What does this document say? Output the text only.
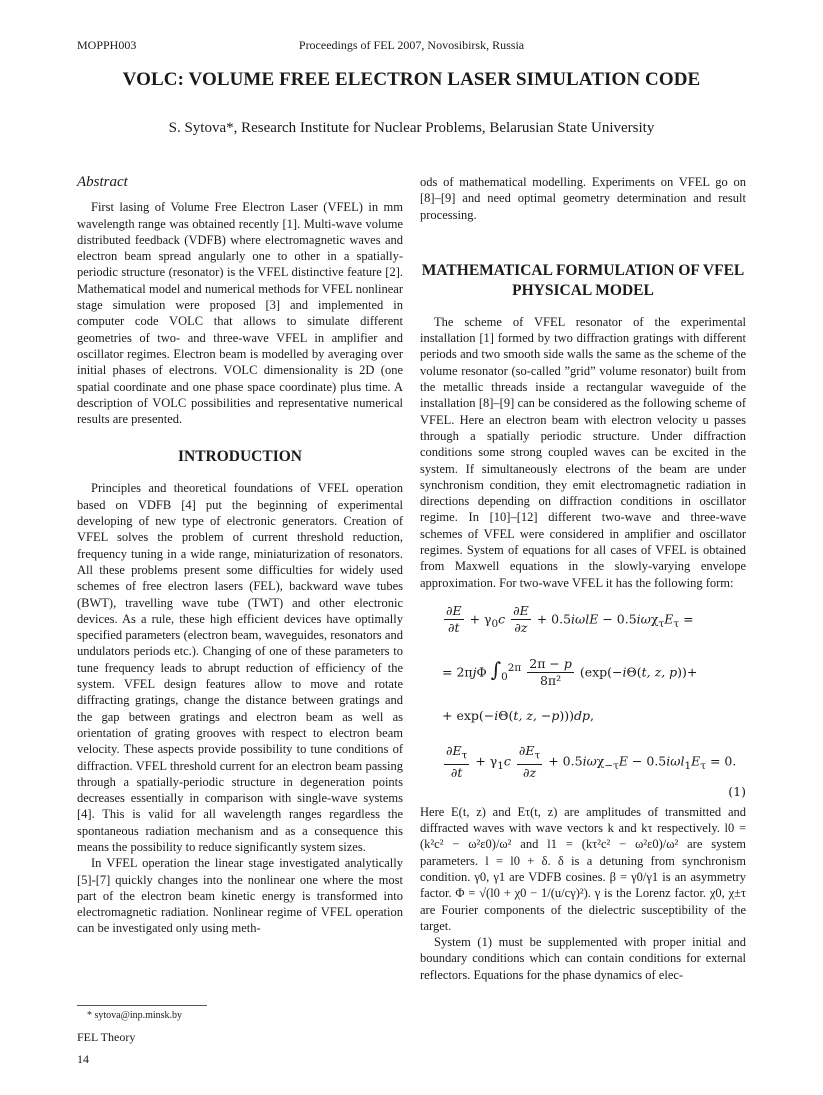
MOPPH003	Proceedings of FEL 2007, Novosibirsk, Russia
VOLC: VOLUME FREE ELECTRON LASER SIMULATION CODE
S. Sytova*, Research Institute for Nuclear Problems, Belarusian State University
Abstract

First lasing of Volume Free Electron Laser (VFEL) in mm wavelength range was obtained recently [1]. Multi-wave volume distributed feedback (VDFB) where electromagnetic waves and electron beam spread angularly one to other in a spatially-periodic structure (resonator) is the VFEL distinctive feature [2]. Mathematical model and numerical methods for VFEL nonlinear stage simulation were proposed [3] and implemented in computer code VOLC that allows to simulate different geometries of two- and three-wave VFEL in amplifier and oscillator regimes. Electron beam is modelled by averaging over initial phases of electrons. VOLC dimensionality is 2D (one spatial coordinate and one phase space coordinate) plus time. A description of VOLC possibilities and representative numerical results are presented.

INTRODUCTION

Principles and theoretical foundations of VFEL operation based on VDFB [4] put the beginning of experimental developing of new type of electronic generators. Creation of VFEL solves the problem of current threshold reduction, frequency tuning in a wide range, miniaturization of resonators. All these problems present some difficulties for widely used schemes of free electron lasers (FEL), backward wave tubes (BWT), travelling wave tube (TWT) and other electronic devices. As a rule, these high efficient devices have optimally specified parameters (electron beam, waveguides, resonators and undulators periods etc.). Changing of one of these parameters to tune frequency leads to abrupt reduction of efficiency of the system. VFEL design features allow to move and rotate diffracting gratings, change the distance between gratings and the gap between gratings and electron beam as well as orientation of grating grooves with respect to electron beam velocity. These aspects provide possibility to tune conditions of diffraction. VFEL threshold current for an electron beam passing through a spatially-periodic structure in degeneration points decreases essentially in comparison with single-wave systems [4]. This is valid for all wavelength ranges regardless the spontaneous radiation mechanism and as a consequence this means the possibility to reduce significantly system sizes.

In VFEL operation the linear stage investigated analytically [5]-[7] quickly changes into the nonlinear one where the most part of the electron beam kinetic energy is transformed into electromagnetic radiation. Nonlinear regime of VFEL operation can be investigated only using meth-

ods of mathematical modelling. Experiments on VFEL go on [8]–[9] and need optimal geometry determination and result processing.

MATHEMATICAL FORMULATION OF VFEL PHYSICAL MODEL

The scheme of VFEL resonator of the experimental installation [1] formed by two diffraction gratings with different periods and two smooth side walls the same as the scheme of the volume resonator (so-called ”grid” volume resonator) built from the metallic threads inside a rectangular waveguide of the installation [8]–[9] can be considered as the following scheme of VFEL. Here an electron beam with electron velocity u passes through a spatially periodic structure. Under diffraction conditions some strong coupled waves can be excited in the system. If simultaneously electrons of the beam are under synchronism condition, they emit electromagnetic radiation in directions depending on diffraction conditions in oscillator regime. In [10]–[12] different two-wave and three-wave schemes of VFEL were considered in amplifier and oscillator regimes. System of equations for all cases of VFEL is obtained from Maxwell equations in the slowly-varying envelope approximation. For two-wave VFEL it has the following form:

$\frac{\partial E}{\partial t} + \gamma_0c \frac{\partial E}{\partial z} + 0.5i\omega lE - 0.5i\omega\chi_\tau E_\tau$ =
= 2πjΦ $\int_0^{2\pi} \frac{2\pi - p}{\text{8π²}} (\exp(-i\Theta(t$, z, p))+
+ exp(−iΘ(t, z, −p)))dp,
$\frac{\partial E_\tau}{\partial t} + \gamma_1c \frac{\partial E_\tau}{\partial z} + 0.5i\omega\chi_{-\tau}E - 0.5i\omega l_1E_\tau = 0$.
(1)

Here E(t, z) and Eτ(t, z) are amplitudes of transmitted and diffracted waves with wave vectors k and kτ respectively. l0 = (k²c² − ω²ε0)/ω² and l1 = (kτ²c² − ω²ε0)/ω² are system parameters. l = l0 + δ. δ is a detuning from synchronism condition. γ0, γ1 are VDFB cosines. β = γ0/γ1 is an asymmetry factor. Φ = √(l0 + χ0 − 1/(u/cγ)²). γ is the Lorenz factor. χ0, χ±τ are Fourier components of the dielectric susceptibility of the target.

System (1) must be supplemented with proper initial and boundary conditions which can contain conditions for external reflectors. Equations for the phase dynamics of elec-

* sytova@inp.minsk.by
FEL Theory
14
